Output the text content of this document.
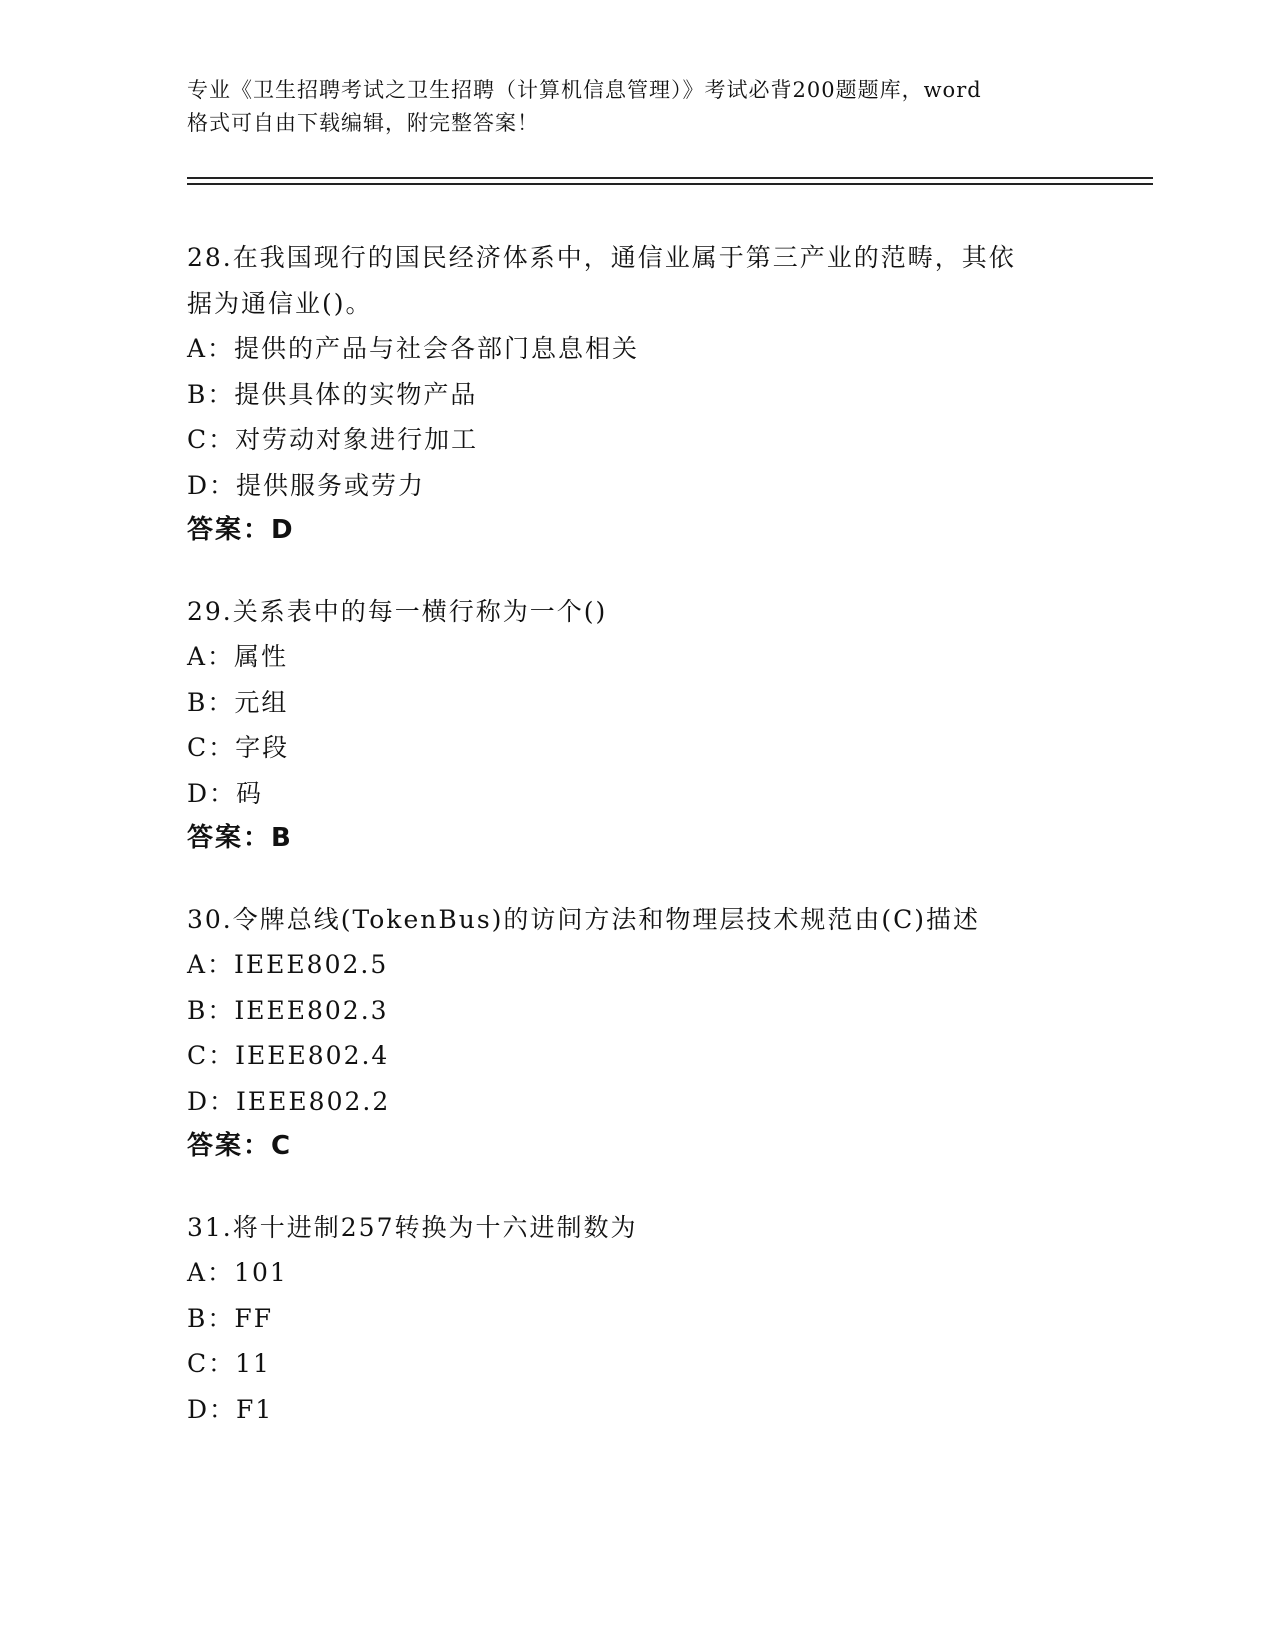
专业《卫生招聘考试之卫生招聘（计算机信息管理）》考试必背200题题库，word
格式可自由下载编辑，附完整答案！
28.在我国现行的国民经济体系中，通信业属于第三产业的范畴，其依
据为通信业()。
A：提供的产品与社会各部门息息相关
B：提供具体的实物产品
C：对劳动对象进行加工
D：提供服务或劳力
答案：D
29.关系表中的每一横行称为一个()
A：属性
B：元组
C：字段
D：码
答案：B
30.令牌总线(TokenBus)的访问方法和物理层技术规范由(C)描述
A：IEEE802.5
B：IEEE802.3
C：IEEE802.4
D：IEEE802.2
答案：C
31.将十进制257转换为十六进制数为
A：101
B：FF
C：11
D：F1
